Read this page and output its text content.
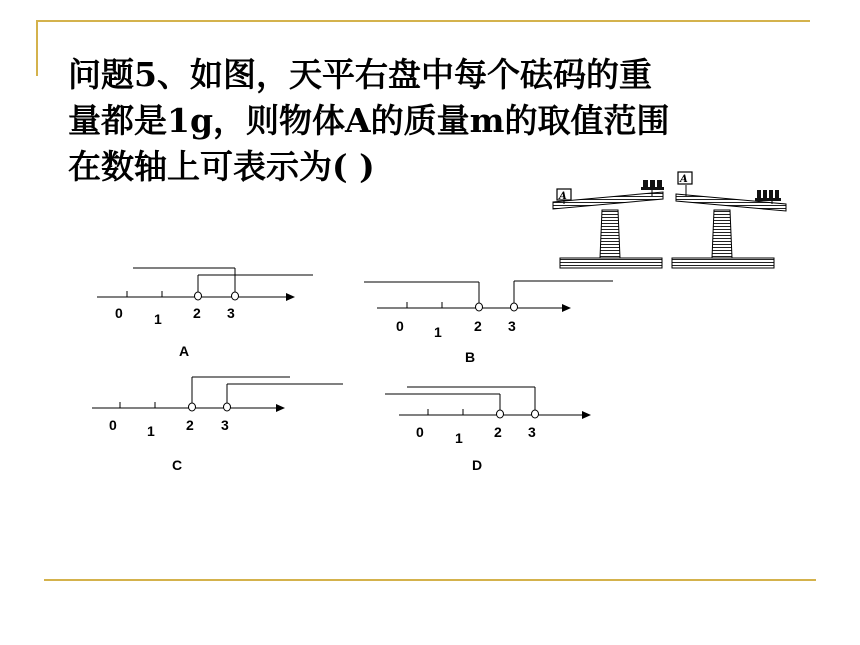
问题5、如图，天平右盘中每个砝码的重
量都是1g，则物体A的质量m的取值范围
在数轴上可表示为( )
A
A
0 1 2 3
A
0 1 2 3
B
0 1 2 3
C
0 1 2 3
D
